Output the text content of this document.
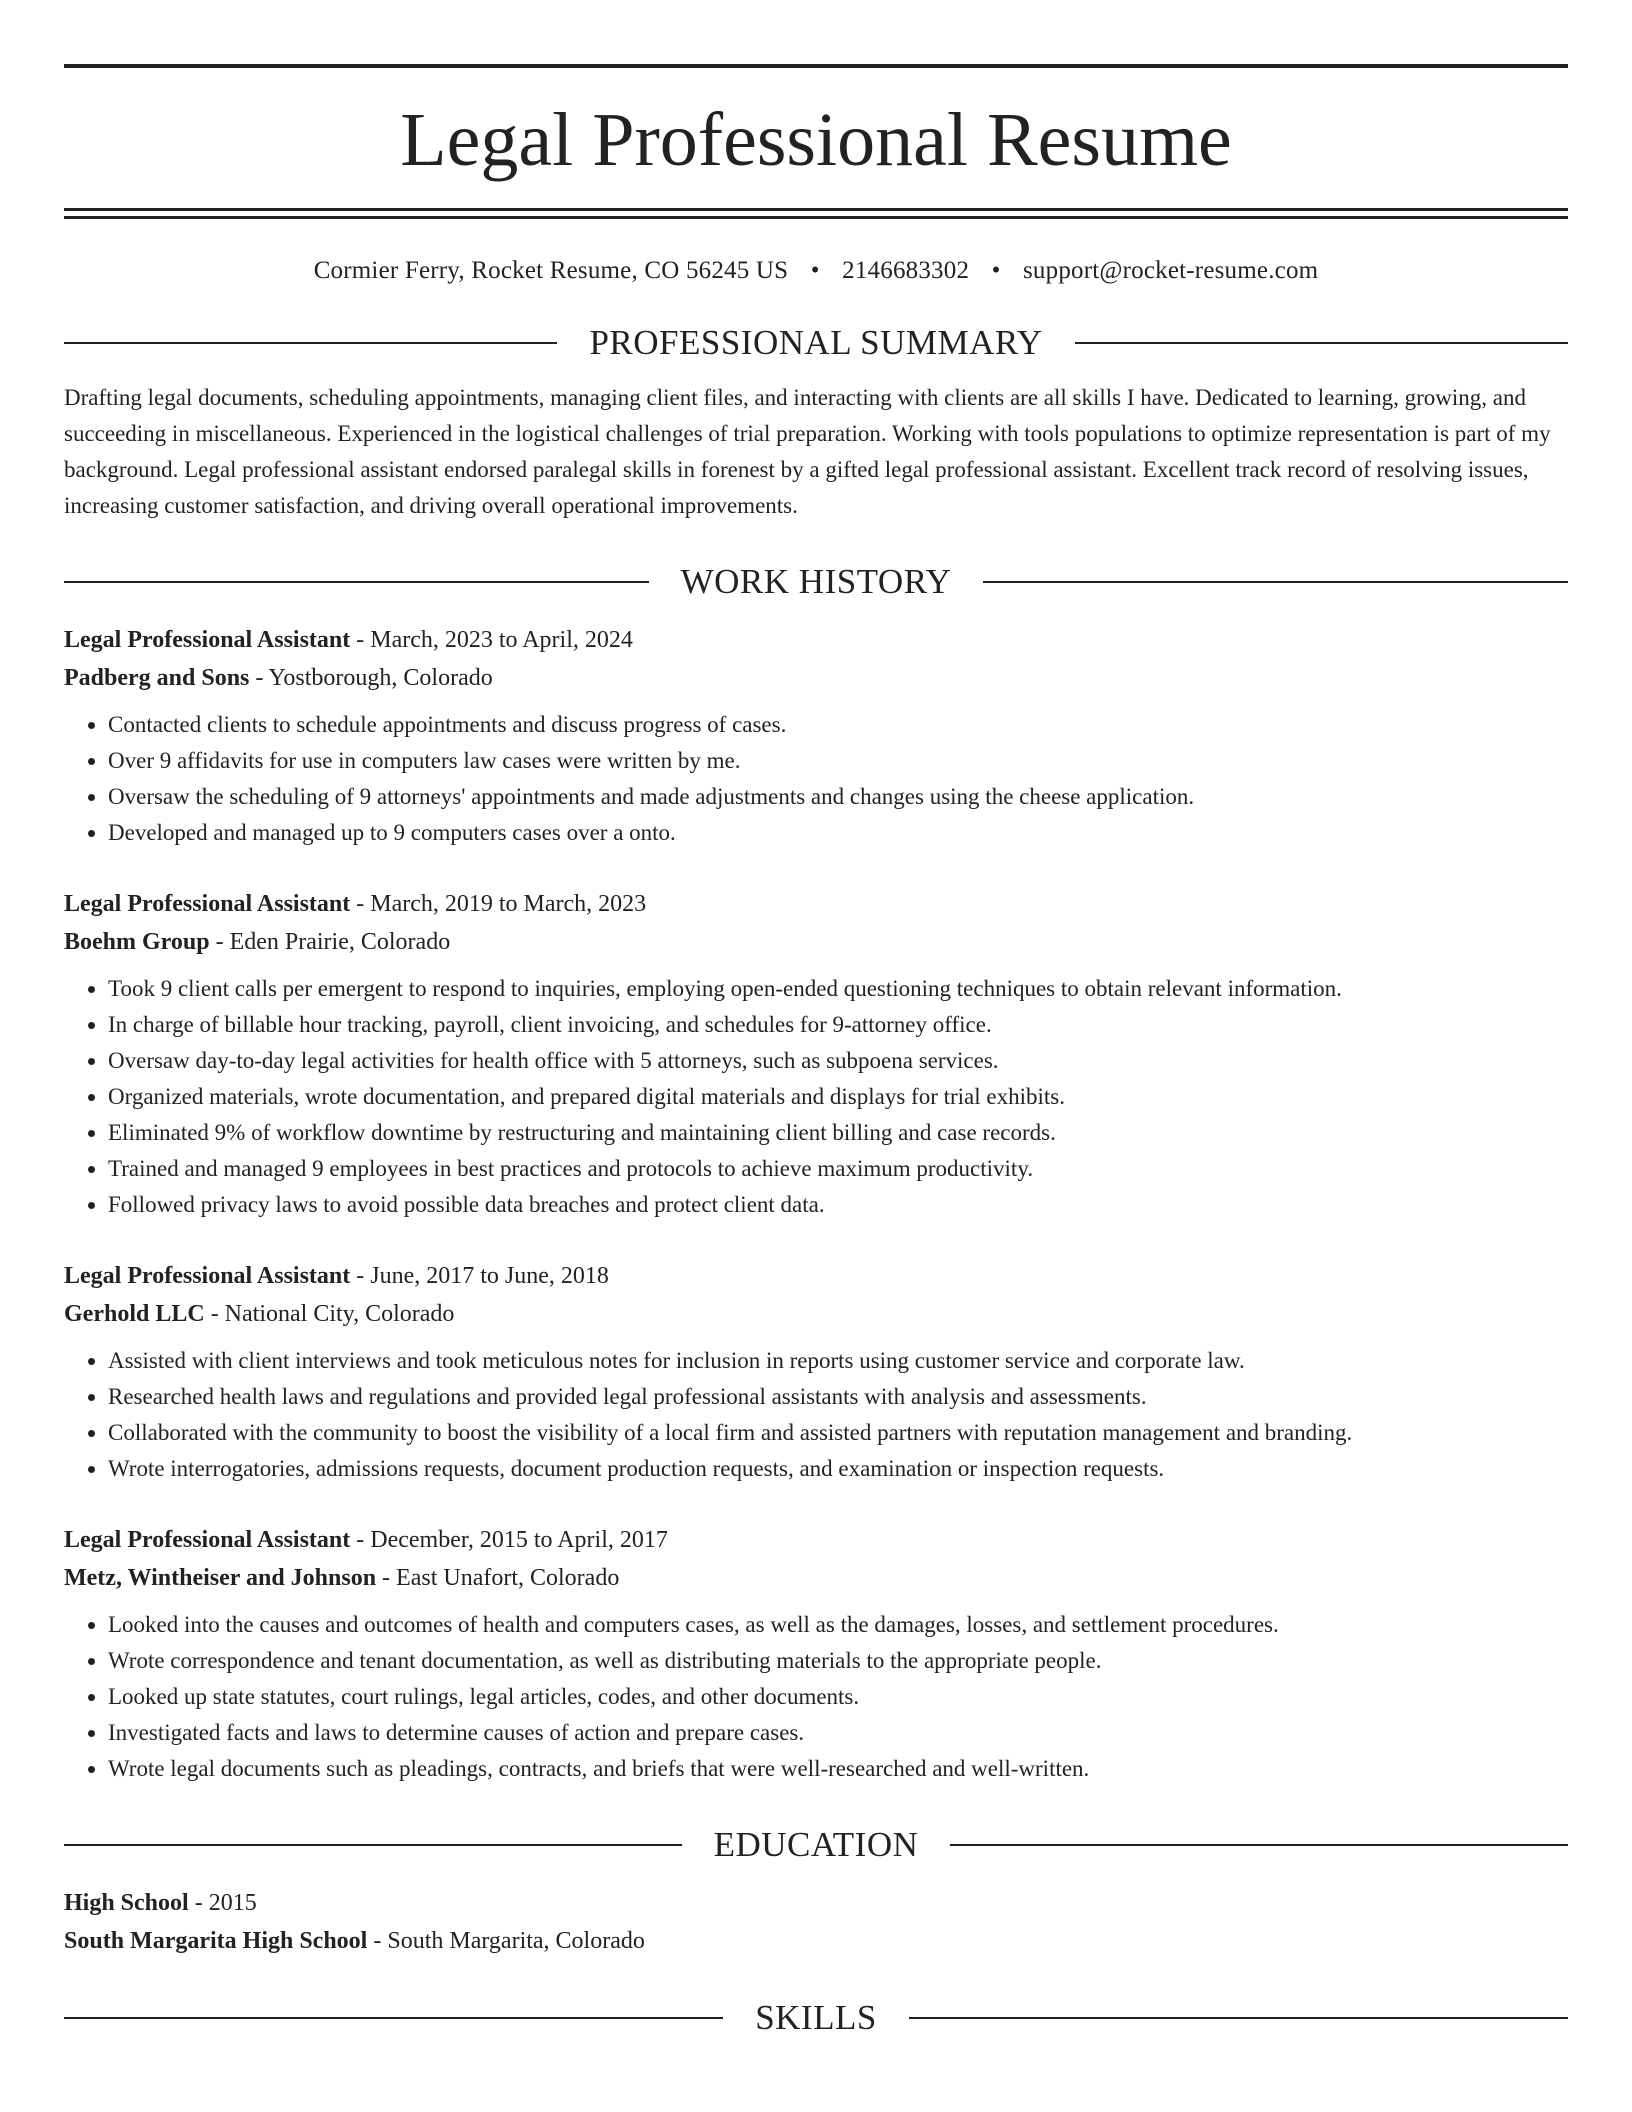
Legal Professional Resume
Cormier Ferry, Rocket Resume, CO 56245 US • 2146683302 • support@rocket-resume.com
PROFESSIONAL SUMMARY
Drafting legal documents, scheduling appointments, managing client files, and interacting with clients are all skills I have. Dedicated to learning, growing, and succeeding in miscellaneous. Experienced in the logistical challenges of trial preparation. Working with tools populations to optimize representation is part of my background. Legal professional assistant endorsed paralegal skills in forenest by a gifted legal professional assistant. Excellent track record of resolving issues, increasing customer satisfaction, and driving overall operational improvements.
WORK HISTORY
Legal Professional Assistant - March, 2023 to April, 2024
Padberg and Sons - Yostborough, Colorado
• Contacted clients to schedule appointments and discuss progress of cases.
• Over 9 affidavits for use in computers law cases were written by me.
• Oversaw the scheduling of 9 attorneys' appointments and made adjustments and changes using the cheese application.
• Developed and managed up to 9 computers cases over a onto.
Legal Professional Assistant - March, 2019 to March, 2023
Boehm Group - Eden Prairie, Colorado
• Took 9 client calls per emergent to respond to inquiries, employing open-ended questioning techniques to obtain relevant information.
• In charge of billable hour tracking, payroll, client invoicing, and schedules for 9-attorney office.
• Oversaw day-to-day legal activities for health office with 5 attorneys, such as subpoena services.
• Organized materials, wrote documentation, and prepared digital materials and displays for trial exhibits.
• Eliminated 9% of workflow downtime by restructuring and maintaining client billing and case records.
• Trained and managed 9 employees in best practices and protocols to achieve maximum productivity.
• Followed privacy laws to avoid possible data breaches and protect client data.
Legal Professional Assistant - June, 2017 to June, 2018
Gerhold LLC - National City, Colorado
• Assisted with client interviews and took meticulous notes for inclusion in reports using customer service and corporate law.
• Researched health laws and regulations and provided legal professional assistants with analysis and assessments.
• Collaborated with the community to boost the visibility of a local firm and assisted partners with reputation management and branding.
• Wrote interrogatories, admissions requests, document production requests, and examination or inspection requests.
Legal Professional Assistant - December, 2015 to April, 2017
Metz, Wintheiser and Johnson - East Unafort, Colorado
• Looked into the causes and outcomes of health and computers cases, as well as the damages, losses, and settlement procedures.
• Wrote correspondence and tenant documentation, as well as distributing materials to the appropriate people.
• Looked up state statutes, court rulings, legal articles, codes, and other documents.
• Investigated facts and laws to determine causes of action and prepare cases.
• Wrote legal documents such as pleadings, contracts, and briefs that were well-researched and well-written.
EDUCATION
High School - 2015
South Margarita High School - South Margarita, Colorado
SKILLS
